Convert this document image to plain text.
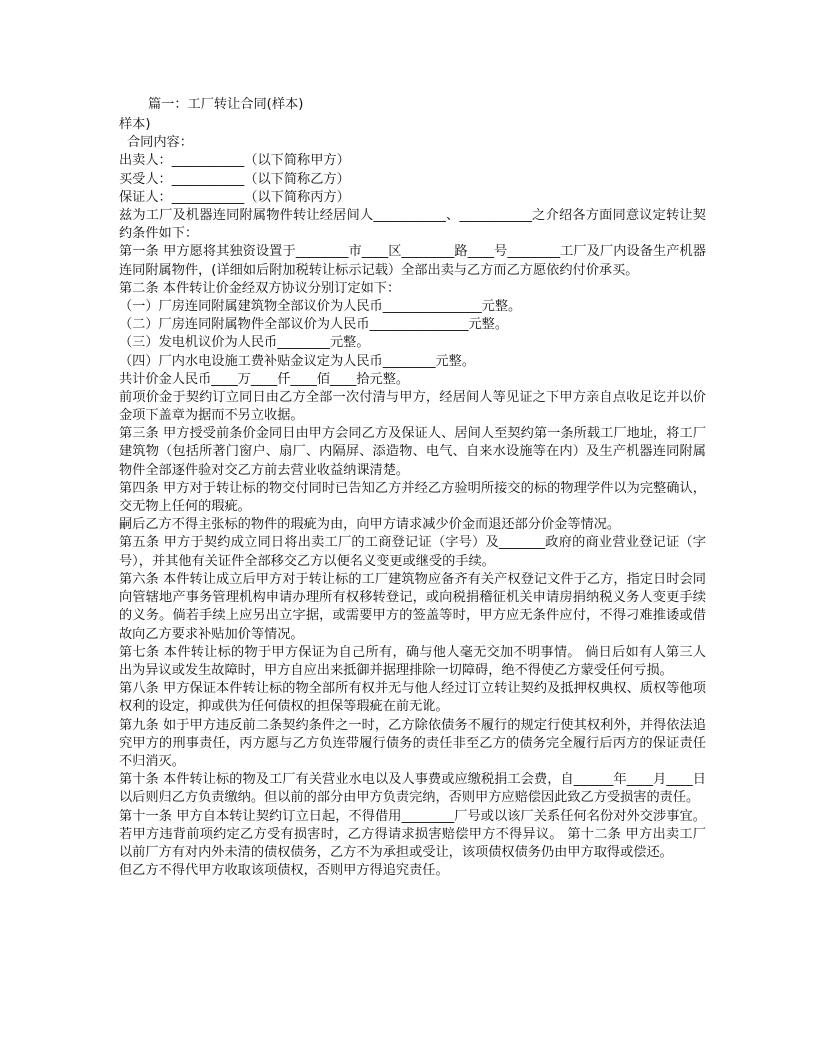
篇一：工厂转让合同(样本)
样本)
合同内容：
出卖人：___________（以下简称甲方）
买受人：___________（以下简称乙方）
保证人：___________（以下简称丙方）
兹为工厂及机器连同附属物件转让经居间人___________、___________之介绍各方面同意议定转让契约条件如下：
第一条 甲方愿将其独资设置于________市____区________路____号________工厂及厂内设备生产机器连同附属物件，(详细如后附加税转让标示记载）全部出卖与乙方而乙方愿依约付价承买。
第二条 本件转让价金经双方协议分别订定如下：
（一）厂房连同附属建筑物全部议价为人民币_______________元整。
（二）厂房连同附属物件全部议价为人民币_______________元整。
（三）发电机议价为人民币________元整。
（四）厂内水电设施工费补贴金议定为人民币________元整。
共计价金人民币____万____仟____佰____拾元整。
前项价金于契约订立同日由乙方全部一次付清与甲方，经居间人等见证之下甲方亲自点收足讫并以价金项下盖章为据而不另立收据。
第三条 甲方授受前条价金同日由甲方会同乙方及保证人、居间人至契约第一条所载工厂地址，将工厂建筑物（包括所著门窗户、扇厂、内隔屏、添造物、电气、自来水设施等在内）及生产机器连同附属物件全部逐件验对交乙方前去营业收益纳课清楚。
第四条 甲方对于转让标的物交付同时已告知乙方并经乙方验明所接交的标的物理学件以为完整确认，交无物上任何的瑕疵。
嗣后乙方不得主张标的物件的瑕疵为由，向甲方请求减少价金而退还部分价金等情况。
第五条 甲方于契约成立同日将出卖工厂的工商登记证（字号）及_______政府的商业营业登记证（字号），并其他有关证件全部移交乙方以便名义变更或继受的手续。
第六条 本件转让成立后甲方对于转让标的工厂建筑物应备齐有关产权登记文件于乙方，指定日时会同向管辖地产事务管理机构申请办理所有权移转登记，或向税捐稽征机关申请房捐纳税义务人变更手续的义务。倘若手续上应另出立字据，或需要甲方的签盖等时，甲方应无条件应付，不得刁难推诿或借故向乙方要求补贴加价等情况。
第七条 本件转让标的物于甲方保证为自己所有，确与他人毫无交加不明事情。 倘日后如有人第三人出为异议或发生故障时，甲方自应出来抵御并据理排除一切障碍，绝不得使乙方蒙受任何亏损。
第八条 甲方保证本件转让标的物全部所有权并无与他人经过订立转让契约及抵押权典权、质权等他项权利的设定，抑或供为任何债权的担保等瑕疵在前无讹。
第九条 如于甲方违反前二条契约条件之一时，乙方除依债务不履行的规定行使其权利外，并得依法追究甲方的刑事责任，丙方愿与乙方负连带履行债务的责任非至乙方的债务完全履行后丙方的保证责任不归消灭。
第十条 本件转让标的物及工厂有关营业水电以及人事费或应缴税捐工会费，自______年____月____日以后则归乙方负责缴纳。但以前的部分由甲方负责完纳，否则甲方应赔偿因此致乙方受损害的责任。
第十一条 甲方自本转让契约订立日起，不得借用________厂号或以该厂关系任何名份对外交涉事宜。若甲方违背前项约定乙方受有损害时，乙方得请求损害赔偿甲方不得异议。 第十二条 甲方出卖工厂以前厂方有对内外未清的债权债务，乙方不为承担或受让，该项债权债务仍由甲方取得或偿还。
但乙方不得代甲方收取该项债权，否则甲方得追究责任。
